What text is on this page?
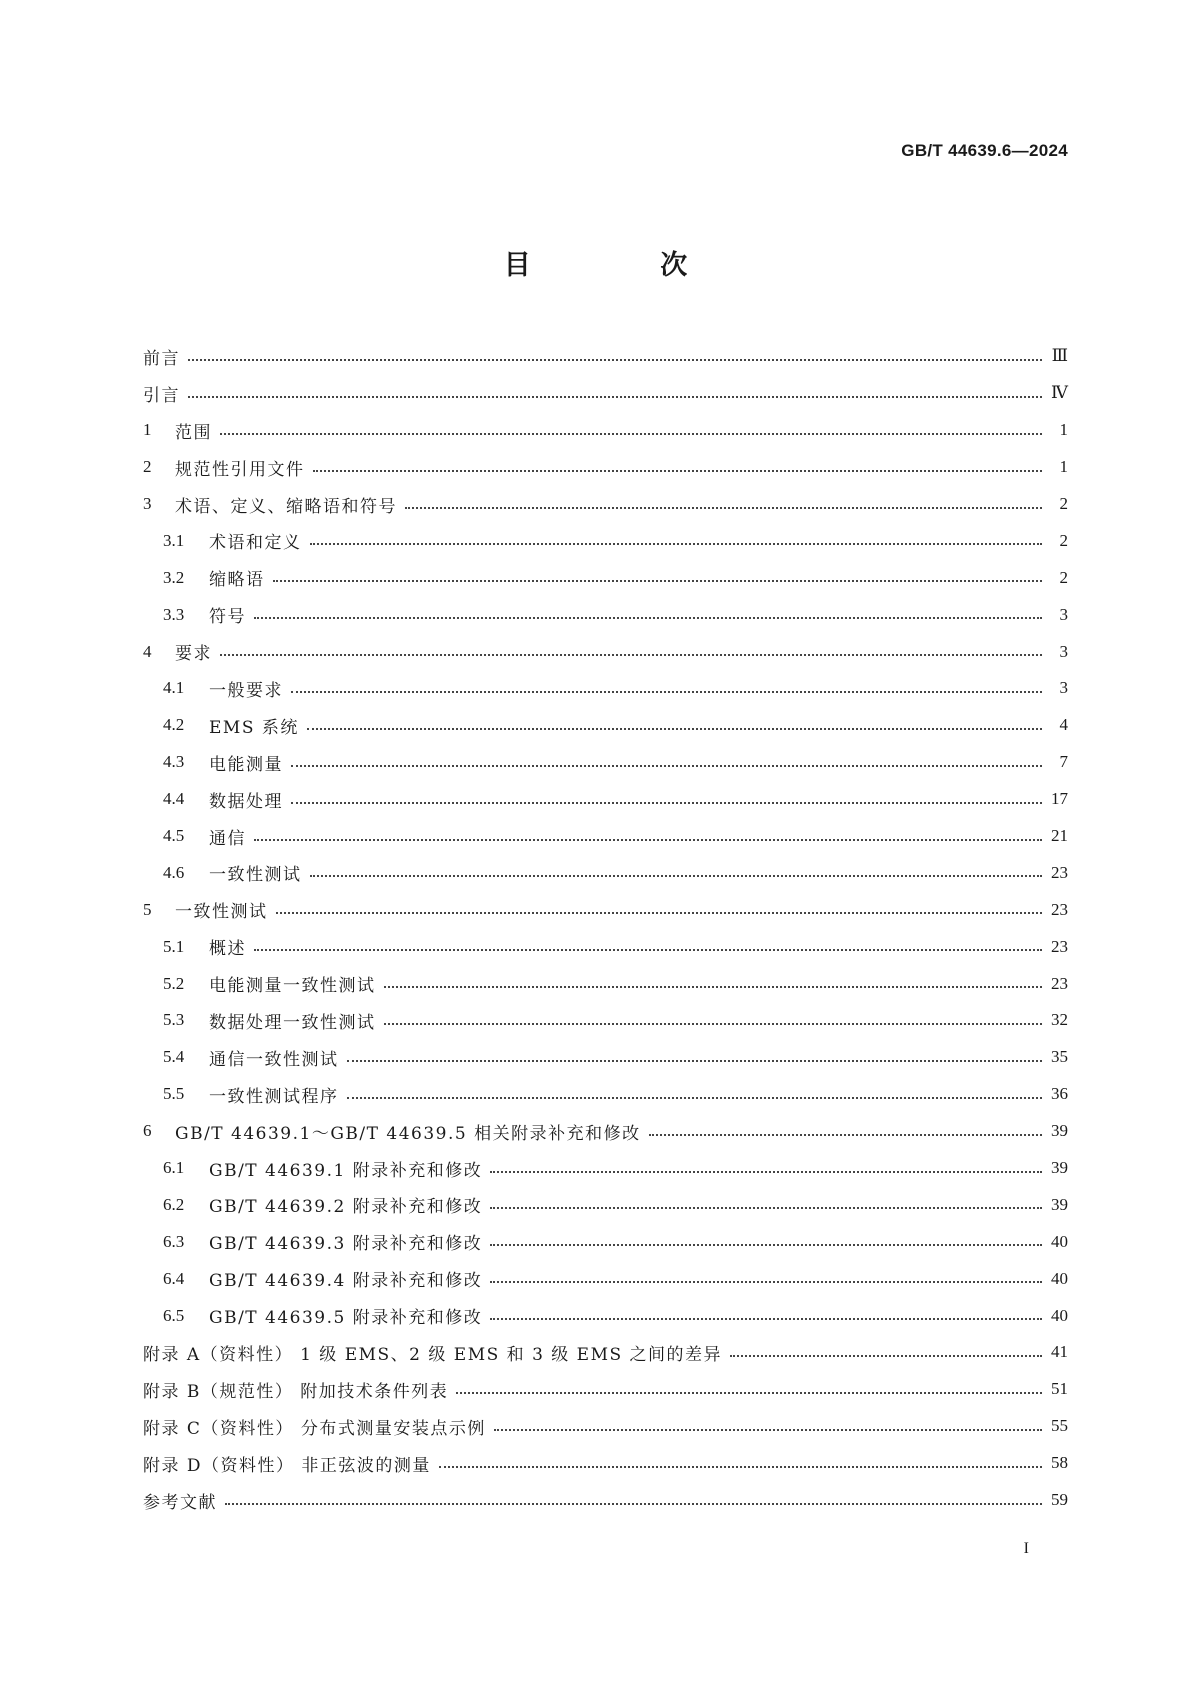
GB/T 44639.6—2024
目 次
前言	Ⅲ
引言	Ⅳ
1	范围	1
2	规范性引用文件	1
3	术语、定义、缩略语和符号	2
3.1	术语和定义	2
3.2	缩略语	2
3.3	符号	3
4	要求	3
4.1	一般要求	3
4.2	EMS 系统	4
4.3	电能测量	7
4.4	数据处理	17
4.5	通信	21
4.6	一致性测试	23
5	一致性测试	23
5.1	概述	23
5.2	电能测量一致性测试	23
5.3	数据处理一致性测试	32
5.4	通信一致性测试	35
5.5	一致性测试程序	36
6	GB/T 44639.1～GB/T 44639.5 相关附录补充和修改	39
6.1	GB/T 44639.1 附录补充和修改	39
6.2	GB/T 44639.2 附录补充和修改	39
6.3	GB/T 44639.3 附录补充和修改	40
6.4	GB/T 44639.4 附录补充和修改	40
6.5	GB/T 44639.5 附录补充和修改	40
附录 A（资料性） 1 级 EMS、2 级 EMS 和 3 级 EMS 之间的差异	41
附录 B（规范性） 附加技术条件列表	51
附录 C（资料性） 分布式测量安装点示例	55
附录 D（资料性） 非正弦波的测量	58
参考文献	59
I
